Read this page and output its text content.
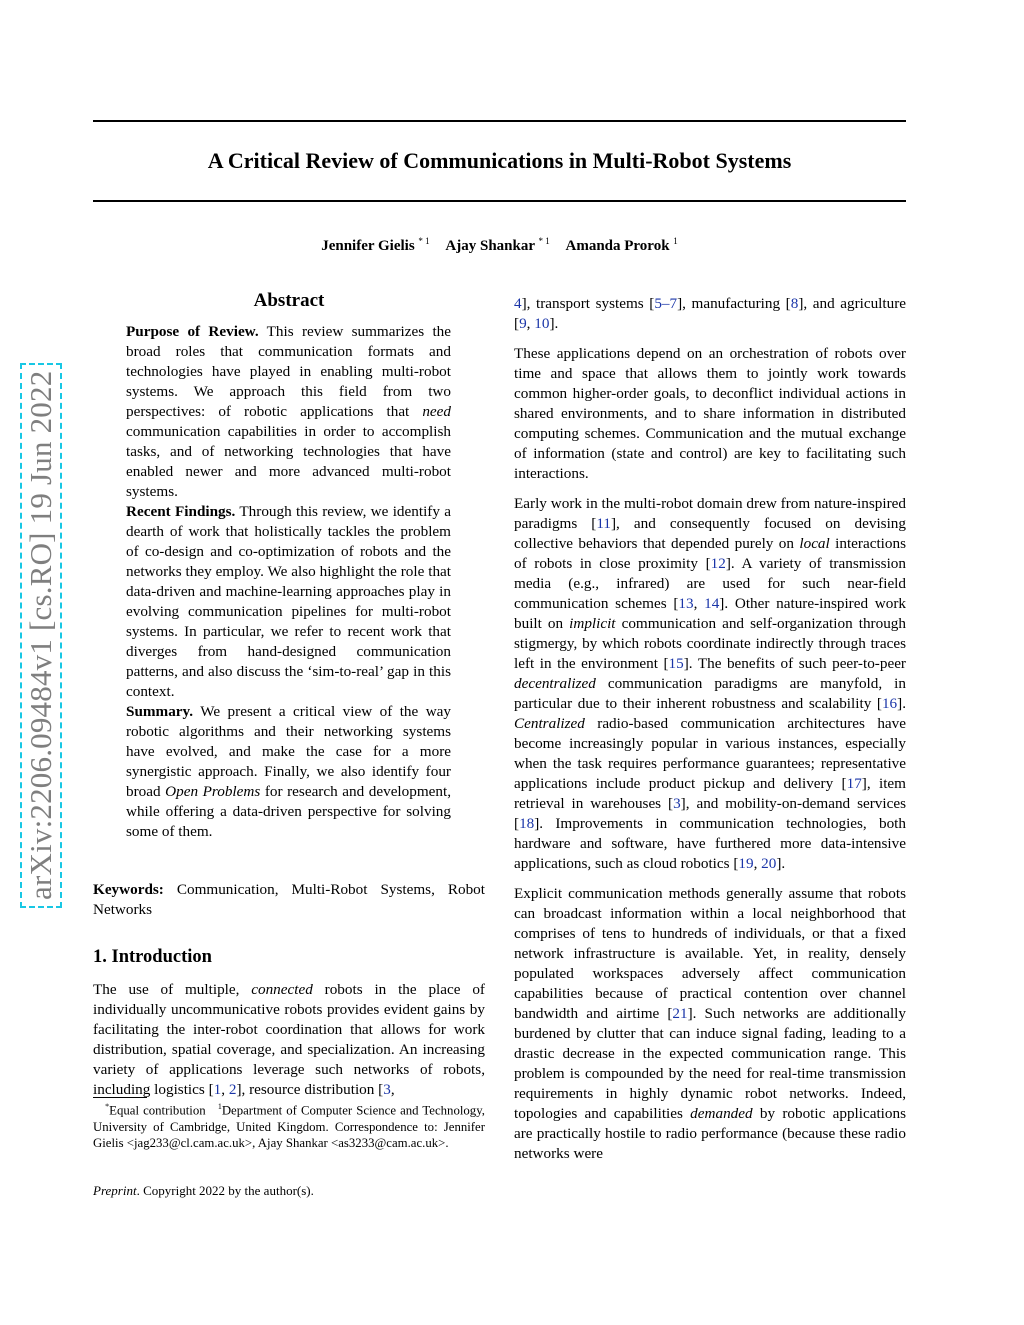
A Critical Review of Communications in Multi-Robot Systems
Jennifer Gielis $^{* 1}$ Ajay Shankar $^{* 1}$ Amanda Prorok $^1$
arXiv:2206.09484v1 [cs.RO] 19 Jun 2022

Abstract

Purpose of Review. This review summarizes the broad roles that communication formats and technologies have played in enabling multi-robot systems. We approach this field from two perspectives: of robotic applications that need communication capabilities in order to accomplish tasks, and of networking technologies that have enabled newer and more advanced multi-robot systems.

Recent Findings. Through this review, we identify a dearth of work that holistically tackles the problem of co-design and co-optimization of robots and the networks they employ. We also highlight the role that data-driven and machine-learning approaches play in evolving communication pipelines for multi-robot systems. In particular, we refer to recent work that diverges from hand-designed communication patterns, and also discuss the ‘sim-to-real’ gap in this context.

Summary. We present a critical view of the way robotic algorithms and their networking systems have evolved, and make the case for a more synergistic approach. Finally, we also identify four broad Open Problems for research and development, while offering a data-driven perspective for solving some of them.

Keywords: Communication, Multi-Robot Systems, Robot Networks

1. Introduction

The use of multiple, connected robots in the place of individually uncommunicative robots provides evident gains by facilitating the inter-robot coordination that allows for work distribution, spatial coverage, and specialization. An increasing variety of applications leverage such networks of robots, including logistics [1, 2], resource distribution [3,

*Equal contribution $^1$Department of Computer Science and Technology, University of Cambridge, United Kingdom. Correspondence to: Jennifer Gielis <jag233@cl.cam.ac.uk>, Ajay Shankar <as3233@cam.ac.uk>.
Preprint. Copyright 2022 by the author(s).

4], transport systems [5–7], manufacturing [8], and agriculture [9, 10].

These applications depend on an orchestration of robots over time and space that allows them to jointly work towards common higher-order goals, to deconflict individual actions in shared environments, and to share information in distributed computing schemes. Communication and the mutual exchange of information (state and control) are key to facilitating such interactions.

Early work in the multi-robot domain drew from nature-inspired paradigms [11], and consequently focused on devising collective behaviors that depended purely on local interactions of robots in close proximity [12]. A variety of transmission media (e.g., infrared) are used for such near-field communication schemes [13, 14]. Other nature-inspired work built on implicit communication and self-organization through stigmergy, by which robots coordinate indirectly through traces left in the environment [15]. The benefits of such peer-to-peer decentralized communication paradigms are manyfold, in particular due to their inherent robustness and scalability [16]. Centralized radio-based communication architectures have become increasingly popular in various instances, especially when the task requires performance guarantees; representative applications include product pickup and delivery [17], item retrieval in warehouses [3], and mobility-on-demand services [18]. Improvements in communication technologies, both hardware and software, have furthered more data-intensive applications, such as cloud robotics [19, 20].

Explicit communication methods generally assume that robots can broadcast information within a local neighborhood that comprises of tens to hundreds of individuals, or that a fixed network infrastructure is available. Yet, in reality, densely populated workspaces adversely affect communication capabilities because of practical contention over channel bandwidth and airtime [21]. Such networks are additionally burdened by clutter that can induce signal fading, leading to a drastic decrease in the expected communication range. This problem is compounded by the need for real-time transmission requirements in highly dynamic robot networks. Indeed, topologies and capabilities demanded by robotic applications are practically hostile to radio performance (because these radio networks were
